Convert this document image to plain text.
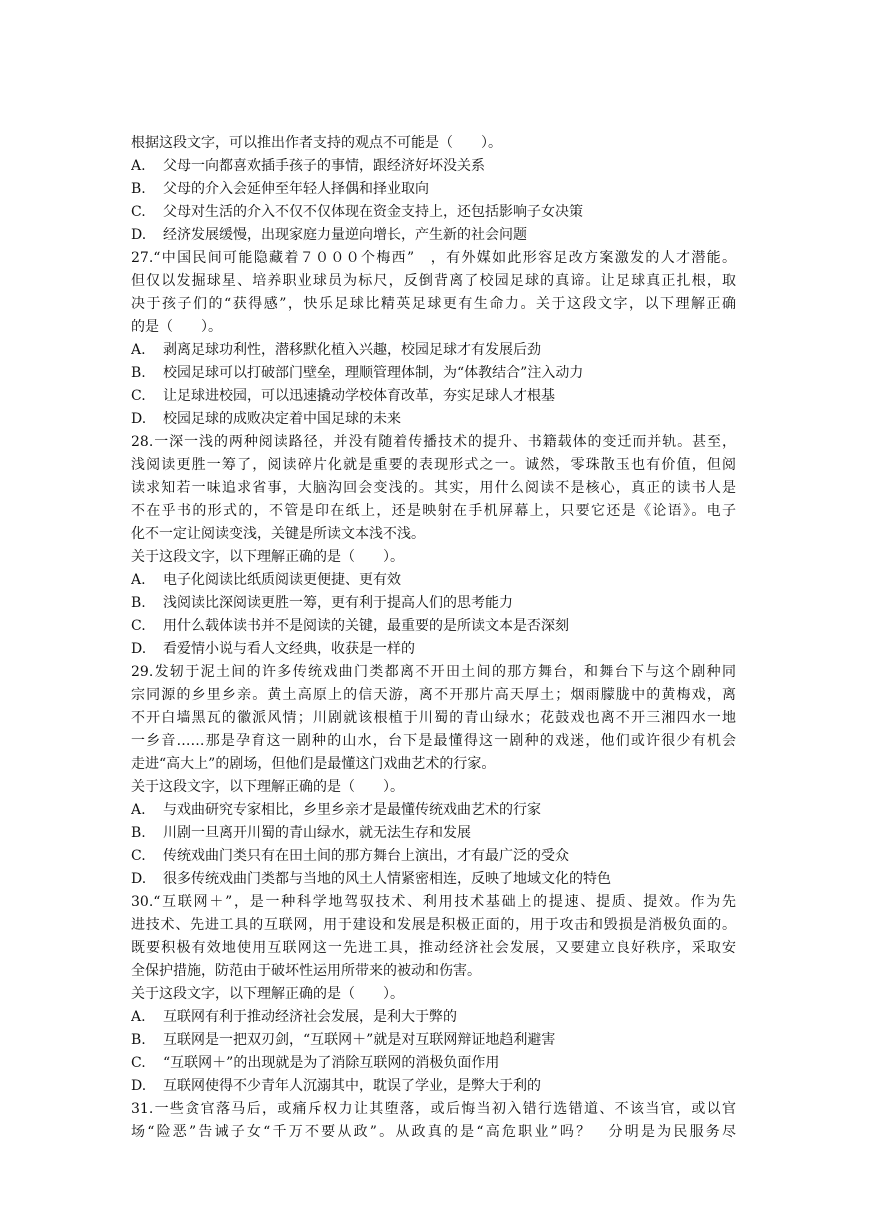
根据这段文字，可以推出作者支持的观点不可能是（　　）。
A. 父母一向都喜欢插手孩子的事情，跟经济好坏没关系
B. 父母的介入会延伸至年轻人择偶和择业取向
C. 父母对生活的介入不仅不仅体现在资金支持上，还包括影响子女决策
D. 经济发展缓慢，出现家庭力量逆向增长，产生新的社会问题
27.“中国民间可能隐藏着７０００个梅西”　，有外媒如此形容足改方案激发的人才潜能。
但仅以发掘球星、培养职业球员为标尺，反倒背离了校园足球的真谛。让足球真正扎根，取
决于孩子们的“获得感”，快乐足球比精英足球更有生命力。关于这段文字，以下理解正确
的是（　　）。
A. 剥离足球功利性，潜移默化植入兴趣，校园足球才有发展后劲
B. 校园足球可以打破部门壁垒，理顺管理体制，为“体教结合”注入动力
C. 让足球进校园，可以迅速撬动学校体育改革，夯实足球人才根基
D. 校园足球的成败决定着中国足球的未来
28.一深一浅的两种阅读路径，并没有随着传播技术的提升、书籍载体的变迁而并轨。甚至，
浅阅读更胜一筹了，阅读碎片化就是重要的表现形式之一。诚然，零珠散玉也有价值，但阅
读求知若一味追求省事，大脑沟回会变浅的。其实，用什么阅读不是核心，真正的读书人是
不在乎书的形式的，不管是印在纸上，还是映射在手机屏幕上，只要它还是《论语》。电子
化不一定让阅读变浅，关键是所读文本浅不浅。
关于这段文字，以下理解正确的是（　　）。
A. 电子化阅读比纸质阅读更便捷、更有效
B. 浅阅读比深阅读更胜一筹，更有利于提高人们的思考能力
C. 用什么载体读书并不是阅读的关键，最重要的是所读文本是否深刻
D. 看爱情小说与看人文经典，收获是一样的
29.发轫于泥土间的许多传统戏曲门类都离不开田土间的那方舞台，和舞台下与这个剧种同
宗同源的乡里乡亲。黄土高原上的信天游，离不开那片高天厚土；烟雨朦胧中的黄梅戏，离
不开白墙黑瓦的徽派风情；川剧就该根植于川蜀的青山绿水；花鼓戏也离不开三湘四水一地
一乡音……那是孕育这一剧种的山水，台下是最懂得这一剧种的戏迷，他们或许很少有机会
走进“高大上”的剧场，但他们是最懂这门戏曲艺术的行家。
关于这段文字，以下理解正确的是（　　）。
A. 与戏曲研究专家相比，乡里乡亲才是最懂传统戏曲艺术的行家
B. 川剧一旦离开川蜀的青山绿水，就无法生存和发展
C. 传统戏曲门类只有在田土间的那方舞台上演出，才有最广泛的受众
D. 很多传统戏曲门类都与当地的风土人情紧密相连，反映了地域文化的特色
30.“互联网＋”，是一种科学地驾驭技术、利用技术基础上的提速、提质、提效。作为先
进技术、先进工具的互联网，用于建设和发展是积极正面的，用于攻击和毁损是消极负面的。
既要积极有效地使用互联网这一先进工具，推动经济社会发展，又要建立良好秩序，采取安
全保护措施，防范由于破坏性运用所带来的被动和伤害。
关于这段文字，以下理解正确的是（　　）。
A. 互联网有利于推动经济社会发展，是利大于弊的
B. 互联网是一把双刃剑，“互联网＋”就是对互联网辩证地趋利避害
C. “互联网＋”的出现就是为了消除互联网的消极负面作用
D. 互联网使得不少青年人沉溺其中，耽误了学业，是弊大于利的
31.一些贪官落马后，或痛斥权力让其堕落，或后悔当初入错行选错道、不该当官，或以官
场“险恶”告诫子女“千万不要从政”。从政真的是“高危职业”吗？　分明是为民服务尽
